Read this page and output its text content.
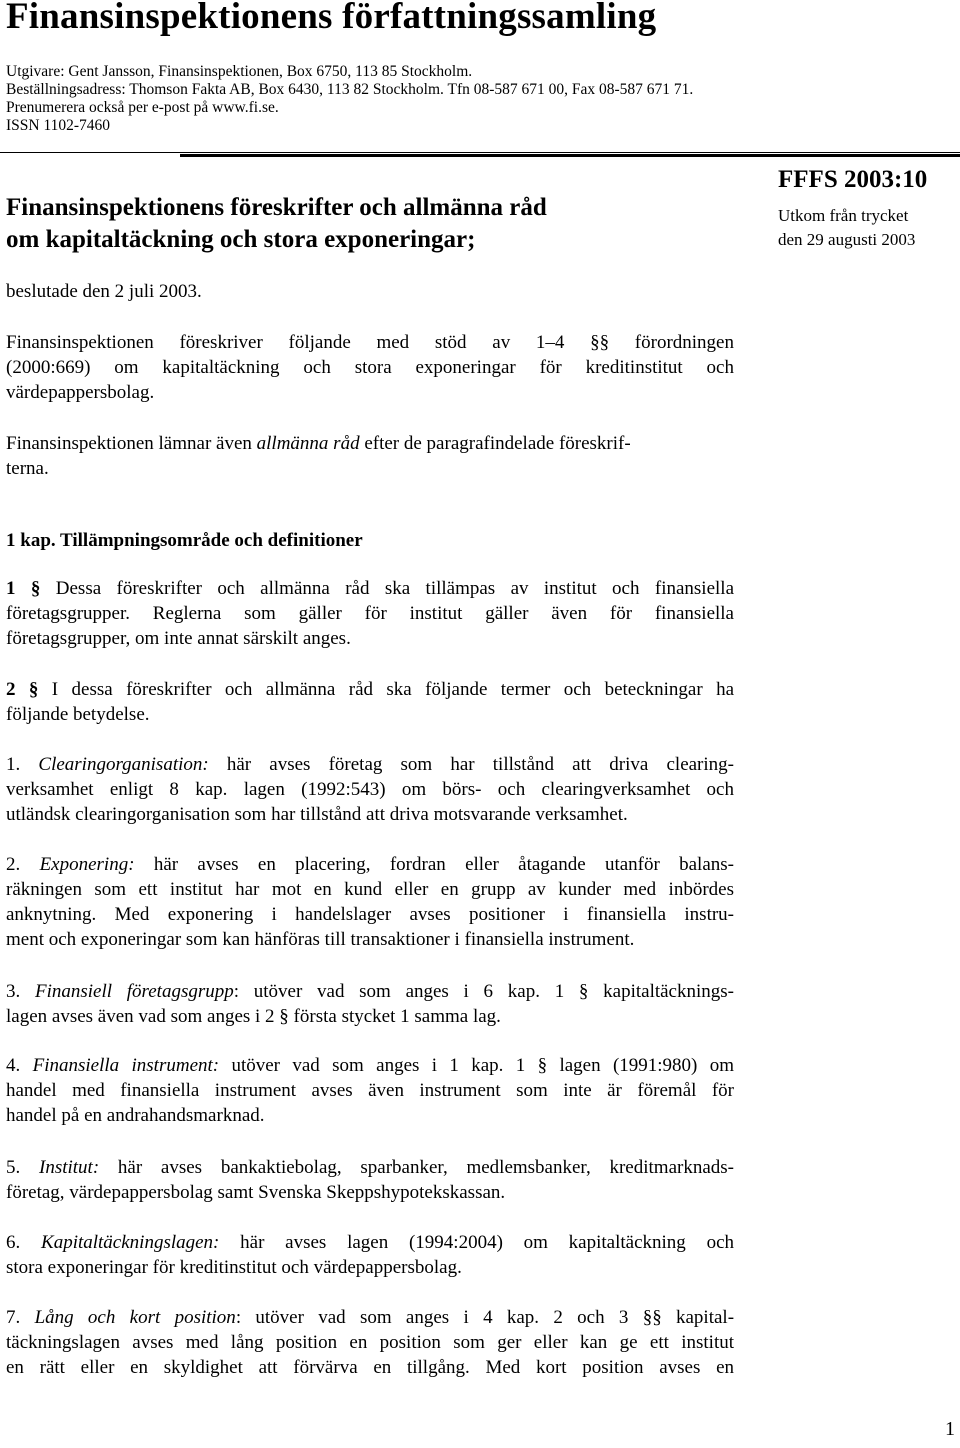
Finansinspektionens författningssamling
Utgivare: Gent Jansson, Finansinspektionen, Box 6750, 113 85 Stockholm.
Beställningsadress: Thomson Fakta AB, Box 6430, 113 82 Stockholm. Tfn 08-587 671 00, Fax 08-587 671 71.
Prenumerera också per e-post på www.fi.se.
ISSN 1102-7460
Finansinspektionens föreskrifter och allmänna råd
om kapitaltäckning och stora exponeringar;
FFFS 2003:10
Utkom från trycket
den 29 augusti 2003
beslutade den 2 juli 2003.
Finansinspektionen föreskriver följande med stöd av 1–4 §§ förordningen
(2000:669) om kapitaltäckning och stora exponeringar för kreditinstitut och
värdepappersbolag.
Finansinspektionen lämnar även allmänna råd efter de paragrafindelade föreskrif-
terna.
1 kap. Tillämpningsområde och definitioner
1 § Dessa föreskrifter och allmänna råd ska tillämpas av institut och finansiella
företagsgrupper. Reglerna som gäller för institut gäller även för finansiella
företagsgrupper, om inte annat särskilt anges.
2 § I dessa föreskrifter och allmänna råd ska följande termer och beteckningar ha
följande betydelse.
1. Clearingorganisation: här avses företag som har tillstånd att driva clearing-
verksamhet enligt 8 kap. lagen (1992:543) om börs- och clearingverksamhet och
utländsk clearingorganisation som har tillstånd att driva motsvarande verksamhet.
2. Exponering: här avses en placering, fordran eller åtagande utanför balans-
räkningen som ett institut har mot en kund eller en grupp av kunder med inbördes
anknytning. Med exponering i handelslager avses positioner i finansiella instru-
ment och exponeringar som kan hänföras till transaktioner i finansiella instrument.
3. Finansiell företagsgrupp: utöver vad som anges i 6 kap. 1 § kapitaltäcknings-
lagen avses även vad som anges i 2 § första stycket 1 samma lag.
4. Finansiella instrument: utöver vad som anges i 1 kap. 1 § lagen (1991:980) om
handel med finansiella instrument avses även instrument som inte är föremål för
handel på en andrahandsmarknad.
5. Institut: här avses bankaktiebolag, sparbanker, medlemsbanker, kreditmarknads-
företag, värdepappersbolag samt Svenska Skeppshypotekskassan.
6. Kapitaltäckningslagen: här avses lagen (1994:2004) om kapitaltäckning och
stora exponeringar för kreditinstitut och värdepappersbolag.
7. Lång och kort position: utöver vad som anges i 4 kap. 2 och 3 §§ kapital-
täckningslagen avses med lång position en position som ger eller kan ge ett institut
en rätt eller en skyldighet att förvärva en tillgång. Med kort position avses en
1
